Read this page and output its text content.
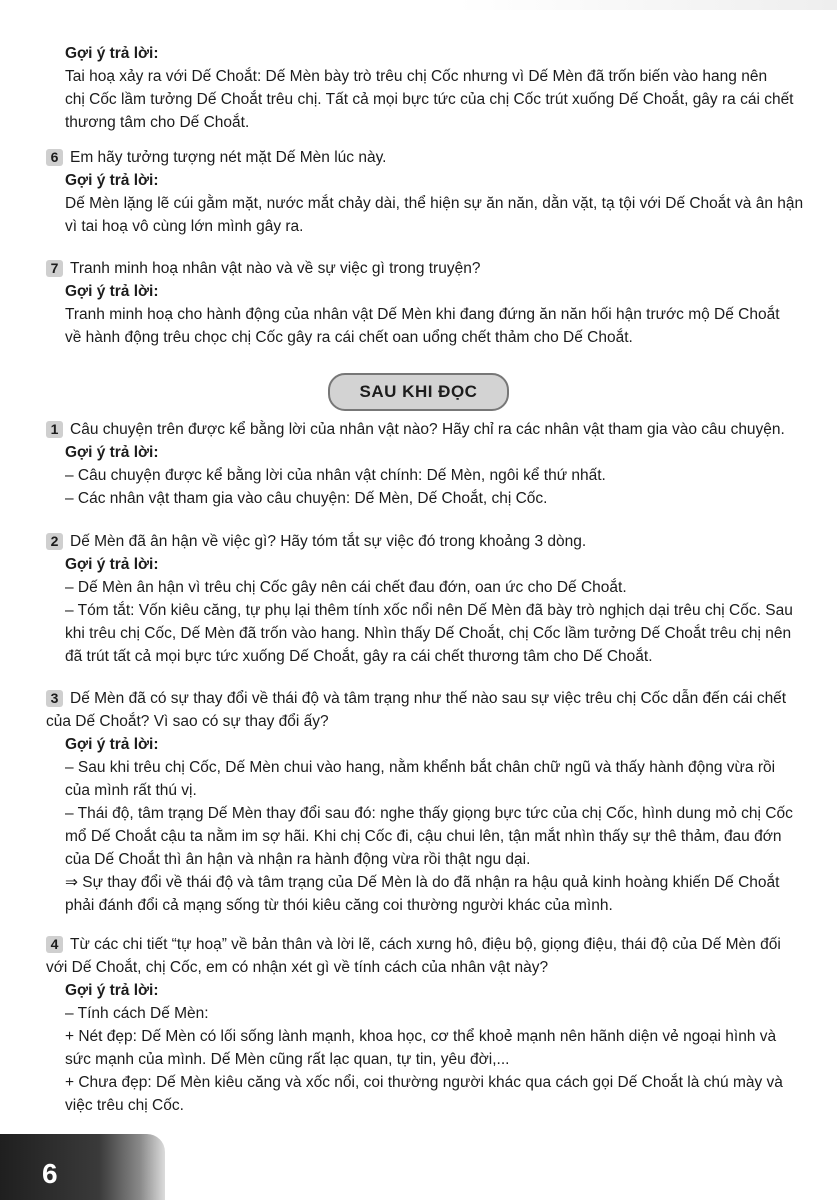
Gợi ý trả lời:

Tai hoạ xảy ra với Dế Choắt: Dế Mèn bày trò trêu chị Cốc nhưng vì Dế Mèn đã trốn biến vào hang nên

chị Cốc lầm tưởng Dế Choắt trêu chị. Tất cả mọi bực tức của chị Cốc trút xuống Dế Choắt, gây ra cái chết

thương tâm cho Dế Choắt.

6 Em hãy tưởng tượng nét mặt Dế Mèn lúc này.

Gợi ý trả lời:

Dế Mèn lặng lẽ cúi gằm mặt, nước mắt chảy dài, thể hiện sự ăn năn, dằn vặt, tạ tội với Dế Choắt và ân hận

vì tai hoạ vô cùng lớn mình gây ra.

7 Tranh minh hoạ nhân vật nào và về sự việc gì trong truyện?

Gợi ý trả lời:

Tranh minh hoạ cho hành động của nhân vật Dế Mèn khi đang đứng ăn năn hối hận trước mộ Dế Choắt

về hành động trêu chọc chị Cốc gây ra cái chết oan uổng chết thảm cho Dế Choắt.

SAU KHI ĐỌC

1 Câu chuyện trên được kể bằng lời của nhân vật nào? Hãy chỉ ra các nhân vật tham gia vào câu chuyện.

Gợi ý trả lời:

– Câu chuyện được kể bằng lời của nhân vật chính: Dế Mèn, ngôi kể thứ nhất.

– Các nhân vật tham gia vào câu chuyện: Dế Mèn, Dế Choắt, chị Cốc.

2 Dế Mèn đã ân hận về việc gì? Hãy tóm tắt sự việc đó trong khoảng 3 dòng.

Gợi ý trả lời:

– Dế Mèn ân hận vì trêu chị Cốc gây nên cái chết đau đớn, oan ức cho Dế Choắt.

– Tóm tắt: Vốn kiêu căng, tự phụ lại thêm tính xốc nổi nên Dế Mèn đã bày trò nghịch dại trêu chị Cốc. Sau

khi trêu chị Cốc, Dế Mèn đã trốn vào hang. Nhìn thấy Dế Choắt, chị Cốc lầm tưởng Dế Choắt trêu chị nên

đã trút tất cả mọi bực tức xuống Dế Choắt, gây ra cái chết thương tâm cho Dế Choắt.

3 Dế Mèn đã có sự thay đổi về thái độ và tâm trạng như thế nào sau sự việc trêu chị Cốc dẫn đến cái chết

của Dế Choắt? Vì sao có sự thay đổi ấy?

Gợi ý trả lời:

– Sau khi trêu chị Cốc, Dế Mèn chui vào hang, nằm khểnh bắt chân chữ ngũ và thấy hành động vừa rồi

của mình rất thú vị.

– Thái độ, tâm trạng Dế Mèn thay đổi sau đó: nghe thấy giọng bực tức của chị Cốc, hình dung mỏ chị Cốc

mổ Dế Choắt cậu ta nằm im sợ hãi. Khi chị Cốc đi, cậu chui lên, tận mắt nhìn thấy sự thê thảm, đau đớn

của Dế Choắt thì ân hận và nhận ra hành động vừa rồi thật ngu dại.

⇒ Sự thay đổi về thái độ và tâm trạng của Dế Mèn là do đã nhận ra hậu quả kinh hoàng khiến Dế Choắt

phải đánh đổi cả mạng sống từ thói kiêu căng coi thường người khác của mình.

4 Từ các chi tiết “tự hoạ” về bản thân và lời lẽ, cách xưng hô, điệu bộ, giọng điệu, thái độ của Dế Mèn đối

với Dế Choắt, chị Cốc, em có nhận xét gì về tính cách của nhân vật này?

Gợi ý trả lời:

– Tính cách Dế Mèn:

+ Nét đẹp: Dế Mèn có lối sống lành mạnh, khoa học, cơ thể khoẻ mạnh nên hãnh diện vẻ ngoại hình và

sức mạnh của mình. Dế Mèn cũng rất lạc quan, tự tin, yêu đời,...

+ Chưa đẹp: Dế Mèn kiêu căng và xốc nổi, coi thường người khác qua cách gọi Dế Choắt là chú mày và

việc trêu chị Cốc.

6
